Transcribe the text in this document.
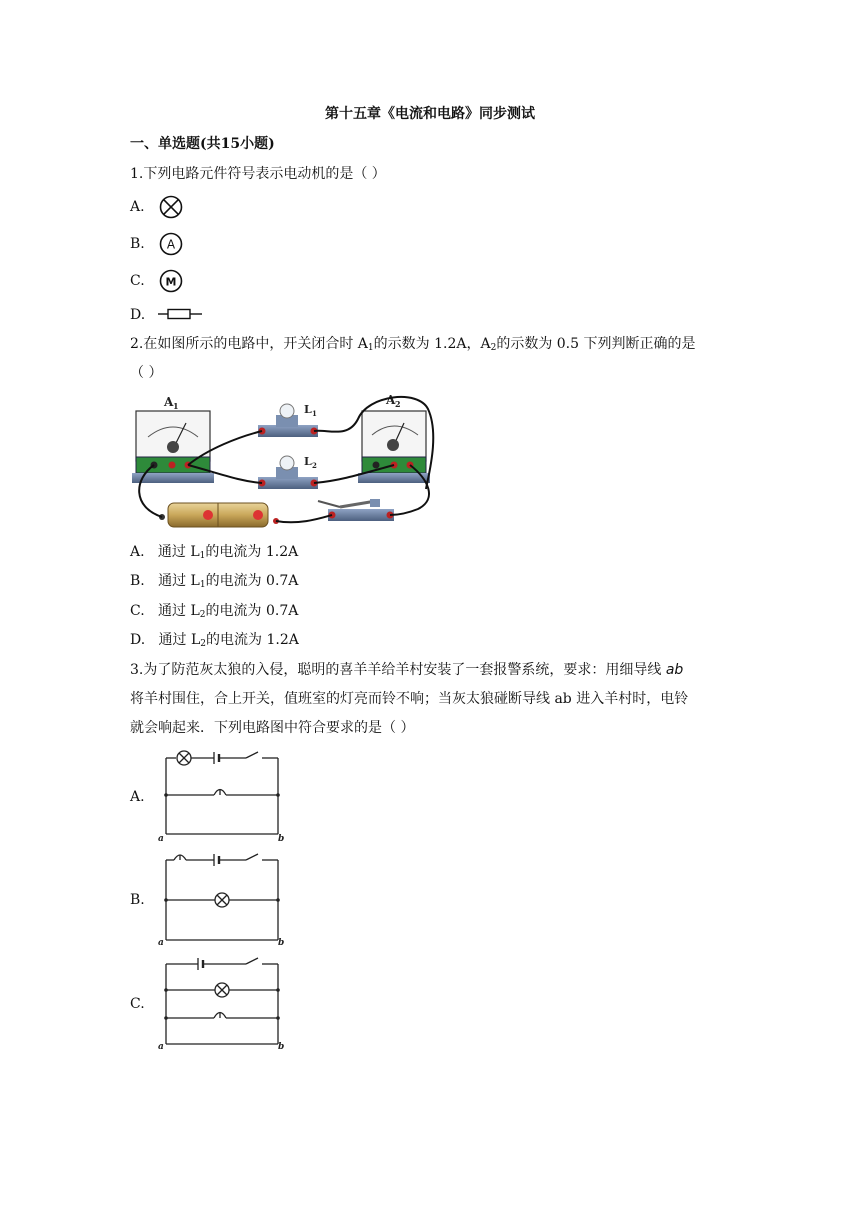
第十五章《电流和电路》同步测试
一、单选题(共15小题)
1.下列电路元件符号表示电动机的是（ ）
A.
B. A
C. M
D.
2.在如图所示的电路中，开关闭合时 $A_1$的示数为 1.2A，$A_2$的示数为 0.5 下列判断正确的是
（ ）
A 1	A 2
L 1
L 2
A. 通过 $L_1$的电流为 1.2A
B. 通过 $L_1$的电流为 0.7A
C. 通过 $L_2$的电流为 0.7A
D. 通过 $L_2$的电流为 1.2A
3.为了防范灰太狼的入侵，聪明的喜羊羊给羊村安装了一套报警系统，要求：用细导线 ab
将羊村围住，合上开关，值班室的灯亮而铃不响；当灰太狼碰断导线 ab 进入羊村时，电铃
就会响起来．下列电路图中符合要求的是（ ）
A.
a	b
B.
a	b
C.
a	b
